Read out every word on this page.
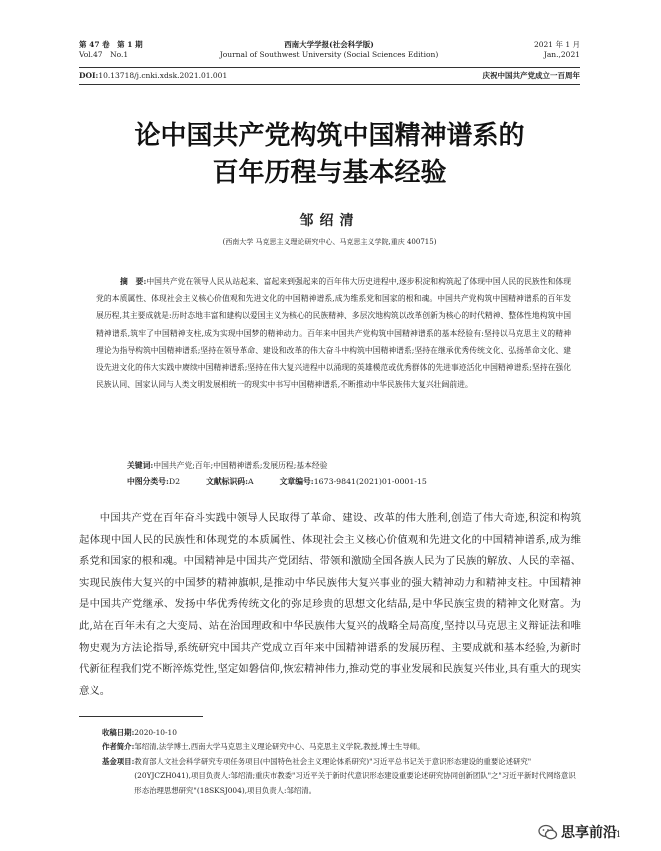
第 47 卷　第 1 期
Vol.47　No.1
西南大学学报(社会科学版)
Journal of Southwest University (Social Sciences Edition)
2021 年 1 月
Jan.,2021
DOI:10.13718/j.cnki.xdsk.2021.01.001	庆祝中国共产党成立一百周年
论中国共产党构筑中国精神谱系的
百年历程与基本经验
邹绍清
(西南大学 马克思主义理论研究中心、马克思主义学院,重庆 400715)
摘　要:中国共产党在领导人民从站起来、富起来到强起来的百年伟大历史进程中,逐步积淀和构筑起了体现中国人民的民族性和体现党的本质属性、体现社会主义核心价值观和先进文化的中国精神谱系,成为维系党和国家的根和魂。中国共产党构筑中国精神谱系的百年发展历程,其主要成就是:历时态地丰富和建构以爱国主义为核心的民族精神、多层次地构筑以改革创新为核心的时代精神、整体性地构筑中国精神谱系,筑牢了中国精神支柱,成为实现中国梦的精神动力。百年来中国共产党构筑中国精神谱系的基本经验有:坚持以马克思主义的精神理论为指导构筑中国精神谱系;坚持在领导革命、建设和改革的伟大奋斗中构筑中国精神谱系;坚持在继承优秀传统文化、弘扬革命文化、建设先进文化的伟大实践中赓续中国精神谱系;坚持在伟大复兴进程中以涌现的英雄模范或优秀群体的先进事迹活化中国精神谱系;坚持在强化民族认同、国家认同与人类文明发展相统一的现实中书写中国精神谱系,不断推动中华民族伟大复兴壮阔前进。
关键词:中国共产党;百年;中国精神谱系;发展历程;基本经验
中图分类号:D2	文献标识码:A	文章编号:1673-9841(2021)01-0001-15
中国共产党在百年奋斗实践中领导人民取得了革命、建设、改革的伟大胜利,创造了伟大奇迹,积淀和构筑起体现中国人民的民族性和体现党的本质属性、体现社会主义核心价值观和先进文化的中国精神谱系,成为维系党和国家的根和魂。中国精神是中国共产党团结、带领和激励全国各族人民为了民族的解放、人民的幸福、实现民族伟大复兴的中国梦的精神旗帜,是推动中华民族伟大复兴事业的强大精神动力和精神支柱。中国精神是中国共产党继承、发扬中华优秀传统文化的弥足珍贵的思想文化结晶,是中华民族宝贵的精神文化财富。为此,站在百年未有之大变局、站在治国理政和中华民族伟大复兴的战略全局高度,坚持以马克思主义辩证法和唯物史观为方法论指导,系统研究中国共产党成立百年来中国精神谱系的发展历程、主要成就和基本经验,为新时代新征程我们党不断淬炼党性,坚定如磐信仰,恢宏精神伟力,推动党的事业发展和民族复兴伟业,具有重大的现实意义。
收稿日期: 2020-10-10
作者简介: 邹绍清,法学博士,西南大学马克思主义理论研究中心、马克思主义学院,教授,博士生导师。
基金项目: 教育部人文社会科学研究专项任务项目(中国特色社会主义理论体系研究)"习近平总书记关于意识形态建设的重要论述研究"(20YJCZH041),项目负责人:邹绍清;重庆市教委"习近平关于新时代意识形态建设重要论述研究协同创新团队"之"习近平新时代网络意识形态治理思想研究"(18SKSJ004),项目负责人:邹绍清。
思享前沿 1
